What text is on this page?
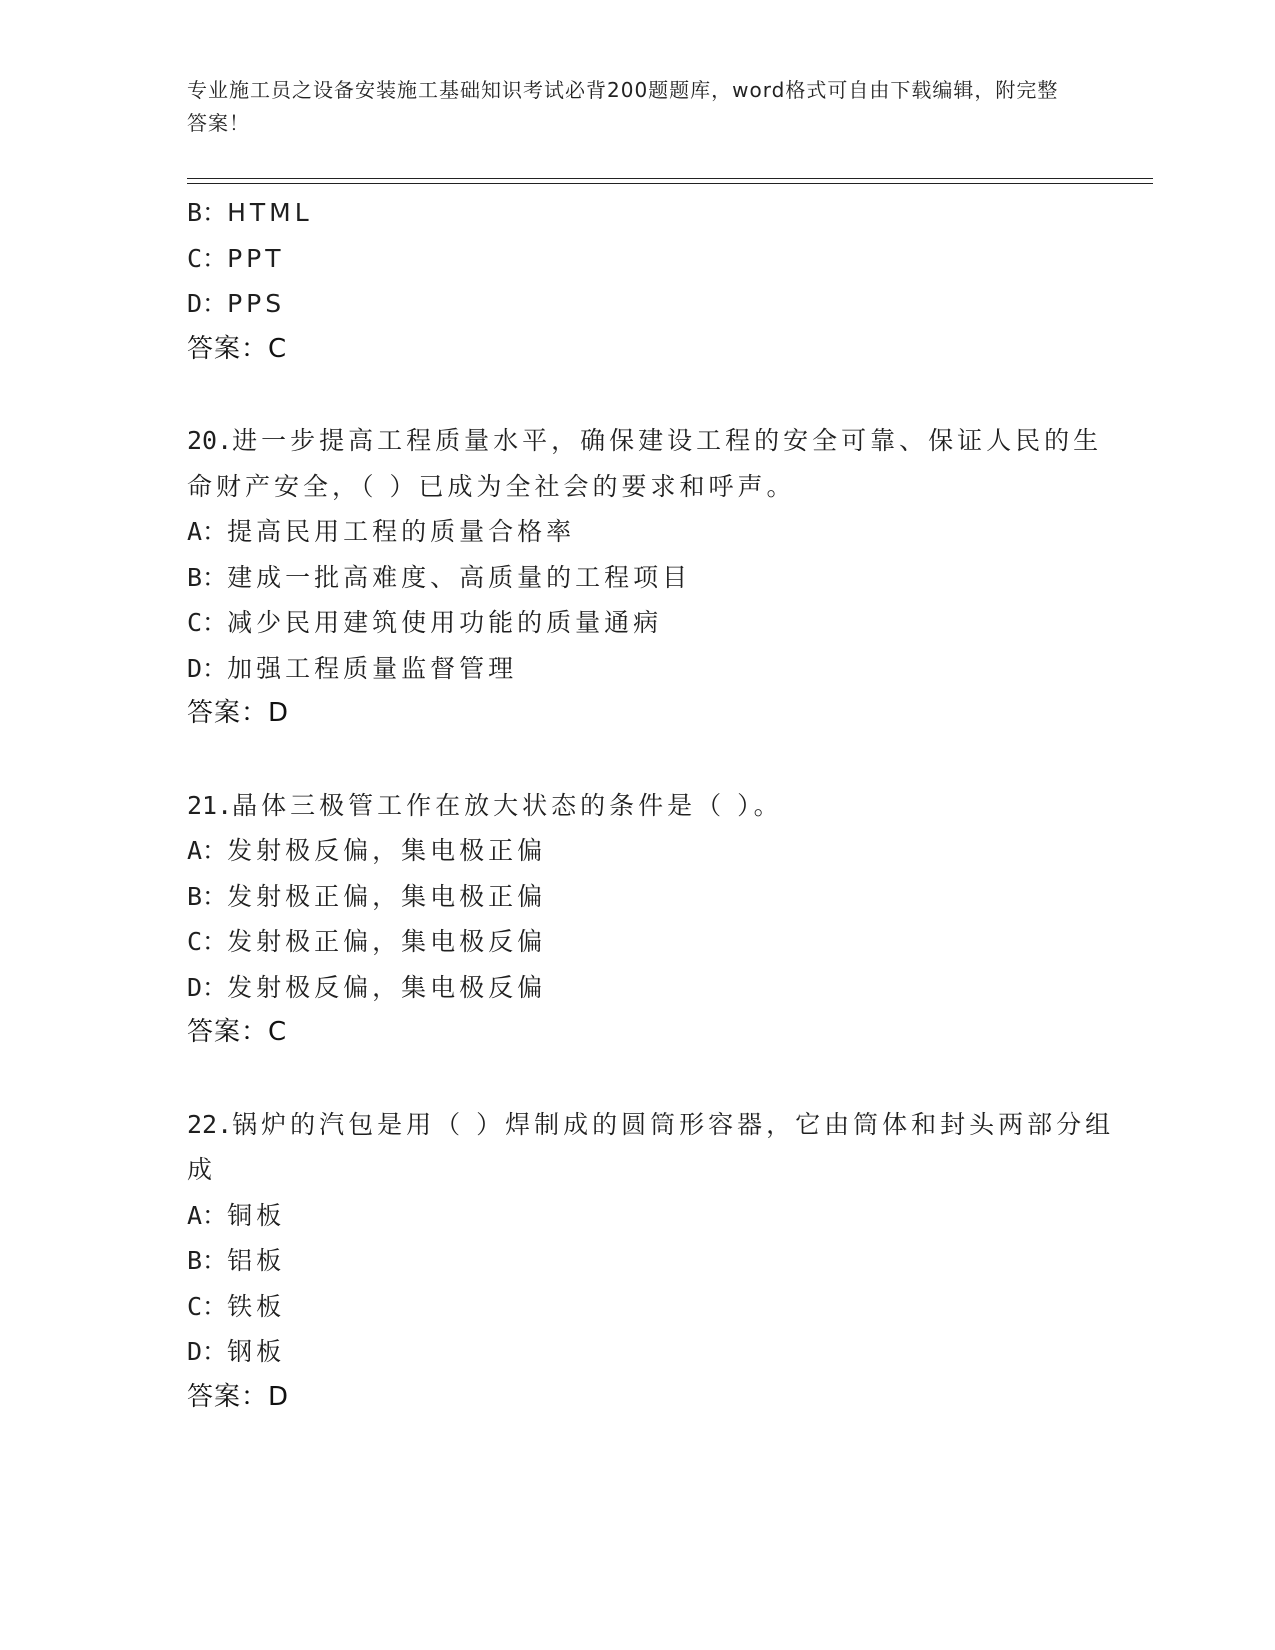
专业施工员之设备安装施工基础知识考试必背200题题库，word格式可自由下载编辑，附完整答案！
B：HTML
C：PPT
D：PPS
答案：C
20.进一步提高工程质量水平，确保建设工程的安全可靠、保证人民的生命财产安全，（ ）已成为全社会的要求和呼声。
A：提高民用工程的质量合格率
B：建成一批高难度、高质量的工程项目
C：减少民用建筑使用功能的质量通病
D：加强工程质量监督管理
答案：D
21.晶体三极管工作在放大状态的条件是（ ）。
A：发射极反偏，集电极正偏
B：发射极正偏，集电极正偏
C：发射极正偏，集电极反偏
D：发射极反偏，集电极反偏
答案：C
22.锅炉的汽包是用（ ）焊制成的圆筒形容器，它由筒体和封头两部分组成
A：铜板
B：铝板
C：铁板
D：钢板
答案：D
